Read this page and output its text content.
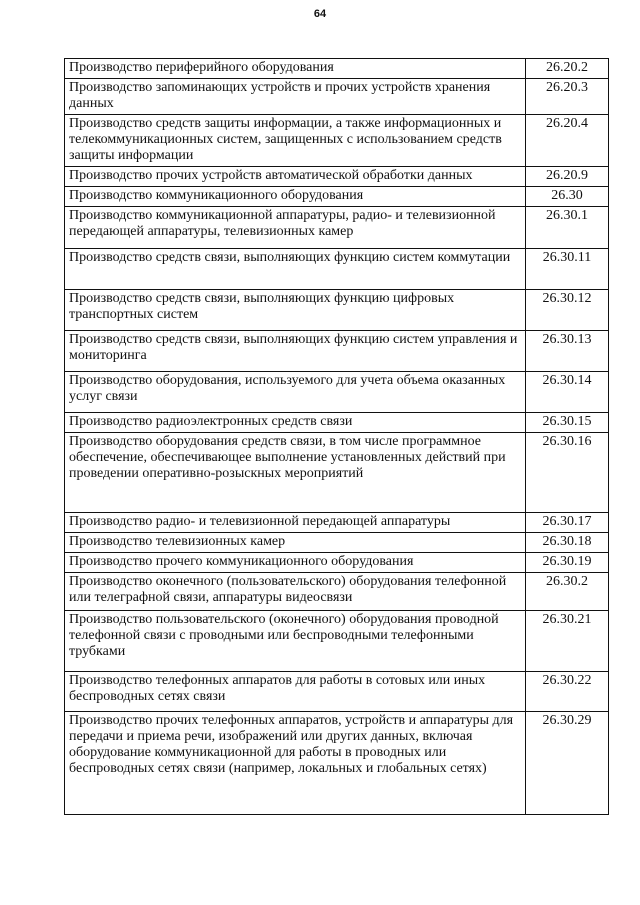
64
Производство периферийного оборудования	26.20.2
Производство запоминающих устройств и прочих устройств хранения данных	26.20.3
Производство средств защиты информации, а также информационных и телекоммуникационных систем, защищенных с использованием средств защиты информации	26.20.4
Производство прочих устройств автоматической обработки данных	26.20.9
Производство коммуникационного оборудования	26.30
Производство коммуникационной аппаратуры, радио- и телевизионной передающей аппаратуры, телевизионных камер	26.30.1
Производство средств связи, выполняющих функцию систем коммутации	26.30.11
Производство средств связи, выполняющих функцию цифровых транспортных систем	26.30.12
Производство средств связи, выполняющих функцию систем управления и мониторинга	26.30.13
Производство оборудования, используемого для учета объема оказанных услуг связи	26.30.14
Производство радиоэлектронных средств связи	26.30.15
Производство оборудования средств связи, в том числе программное обеспечение, обеспечивающее выполнение установленных действий при проведении оперативно-розыскных мероприятий	26.30.16
Производство радио- и телевизионной передающей аппаратуры	26.30.17
Производство телевизионных камер	26.30.18
Производство прочего коммуникационного оборудования	26.30.19
Производство оконечного (пользовательского) оборудования телефонной или телеграфной связи, аппаратуры видеосвязи	26.30.2
Производство пользовательского (оконечного) оборудования проводной телефонной связи с проводными или беспроводными телефонными трубками	26.30.21
Производство телефонных аппаратов для работы в сотовых или иных беспроводных сетях связи	26.30.22
Производство прочих телефонных аппаратов, устройств и аппаратуры для передачи и приема речи, изображений или других данных, включая оборудование коммуникационной для работы в проводных или беспроводных сетях связи (например, локальных и глобальных сетях)	26.30.29
